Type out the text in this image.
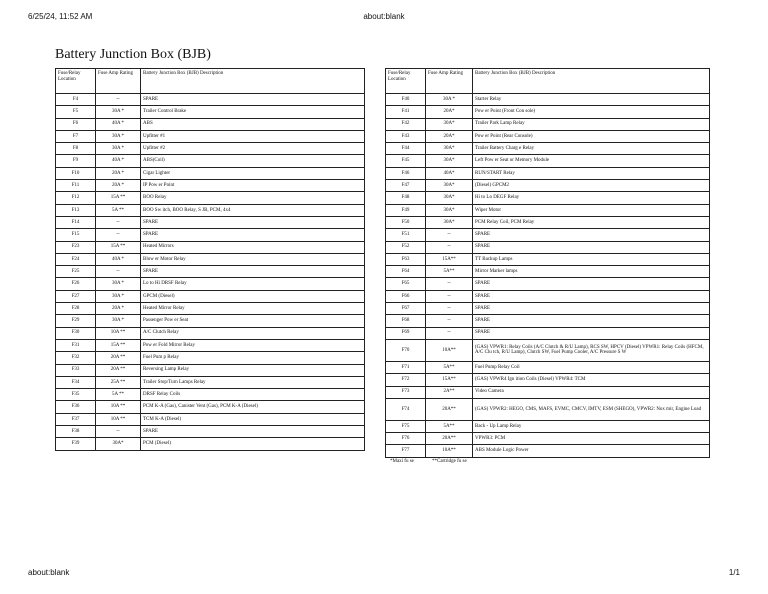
6/25/24, 11:52 AM	about:blank
Battery Junction Box (BJB)
Fuse/Relay Location	Fuse Amp Rating	Battery Junction Box (BJB) Description
F4	--	SPARE
F5	30A *	Trailer Control Brake
F6	40A *	ABS
F7	30A *	Upfitter #1
F8	30A *	Upfitter #2
F9	40A *	ABS(Coil)
F10	20A *	Cigar Lighter
F11	20A *	IP Pow er Point
F12	15A **	BOO Relay
F13	5A **	BOO Sw itch, BOO Relay, S JB, PCM, 4x4
F14	--	SPARE
F15	--	SPARE
F23	15A **	Heated Mirrors
F24	40A *	Blow er Motor Relay
F25	--	SPARE
F26	30A *	Lo to Hi DRSF Relay
F27	30A *	GPCM (Diesel)
F28	20A *	Heated Mirror Relay
F29	30A *	Passenger Pow er Seat
F30	10A **	A/C Clutch Relay
F31	15A **	Pow er Fold Mirror Relay
F32	20A **	Fuel Pum p Relay
F33	20A **	Reversing Lamp Relay
F34	25A **	Trailer Stop/Turn Lamps Relay
F35	5A **	DRSF Relay Coils
F36	10A **	PCM K-A (Gas), Canister Vent (Gas), PCM K-A (Diesel)
F37	10A **	TCM K-A (Diesel)
F38	--	SPARE
F39	30A*	PCM (Diesel)
Fuse/Relay Location	Fuse Amp Rating	Battery Junction Box (BJB) Description
F40	30A *	Starter Relay
F41	20A*	Pow er Point (Front Con sole)
F42	30A*	Trailer Park Lamp Relay
F43	20A*	Pow er Point (Rear Console)
F44	30A*	Trailer Battery Charg e Relay
F45	30A*	Left Pow er Seat or Memory Module
F46	40A*	RUN/START Relay
F47	30A*	(Diesel) GPCM2
F48	30A*	Hi to Lo DEGF Relay
F49	30A*	Wiper Motor
F50	30A*	PCM Relay Coil, PCM Relay
F51	--	SPARE
F52	--	SPARE
F63	15A**	TT Backup Lamps
F64	5A**	Mirror Marker lamps
F65	--	SPARE
F66	--	SPARE
F67	--	SPARE
F68	--	SPARE
F69	--	SPARE
F70	10A**	(GAS) VPWR1: Relay Coils (A/C Clutch & R/U Lamp), RCS SW, HPCV (Diesel) VPWR1: Relay Coils (HFCM, A/C Clu tch, R/U Lamp), Clutch SW, Fuel Pump Cooler, A/C Pressure S W
F71	5A**	Fuel Pump Relay Coil
F72	15A**	(GAS) VPWR4 Ign ition Coils (Diesel) VPWR4: TCM
F73	2A**	Video Camera
F74	20A**	(GAS) VPWR2: HEGO, CMS, MAFS, EVMC, CMCV, IMTV, ESM (SHEGO), VPWR2: Nox mir, Engine Load
F75	5A**	Back - Up Lamp Relay
F76	20A**	VPWR3: PCM
F77	10A**	ABS Module Logic Power
*Maxi fu se	**Cartridge fu se
about:blank	1/1
